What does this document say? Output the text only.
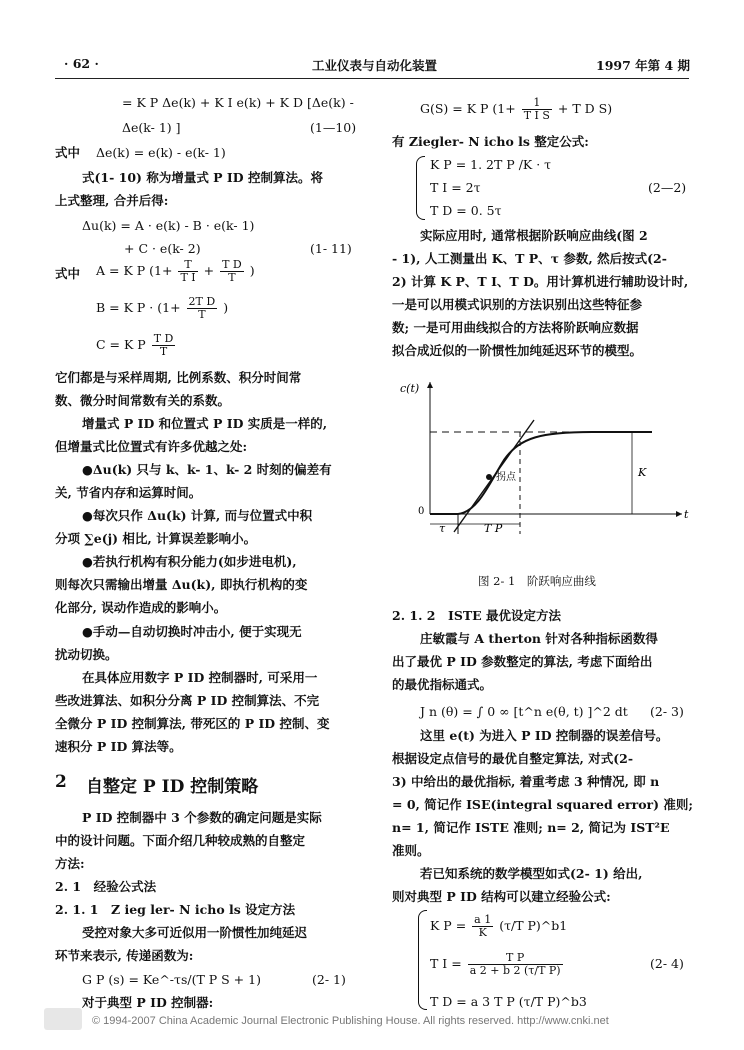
· 62 ·	工业仪表与自动化装置	1997 年第 4 期
= K P Δe(k) + K I e(k) + K D [Δe(k) -
Δe(k- 1) ]	(1—10)
式中 Δe(k) = e(k) - e(k- 1)
式(1- 10) 称为增量式 P ID 控制算法。将
上式整理, 合并后得:
Δu(k) = A · e(k) - B · e(k- 1)
+ C · e(k- 2)	(1- 11)
式中 A = K P ($1+ \frac{T}{\text{T I}} + \frac{\text{T D}}{T}$ )
B = K $P \cdot (1+ \frac{\text{2T D}}{T}$ )
C = K P $\frac{\text{T D}}{T}$
它们都是与采样周期, 比例系数、积分时间常
数、微分时间常数有关的系数。
增量式 P ID 和位置式 P ID 实质是一样的,
但增量式比位置式有许多优越之处:
●Δu(k) 只与 k、k- 1、k- 2 时刻的偏差有
关, 节省内存和运算时间。
●每次只作 Δu(k) 计算, 而与位置式中积
分项 ∑e(j) 相比, 计算误差影响小。
●若执行机构有积分能力(如步进电机),
则每次只需输出增量 Δu(k), 即执行机构的变
化部分, 误动作造成的影响小。
●手动—自动切换时冲击小, 便于实现无
扰动切换。
在具体应用数字 P ID 控制器时, 可采用一
些改进算法、如积分分离 P ID 控制算法、不完
全微分 P ID 控制算法, 带死区的 P ID 控制、变
速积分 P ID 算法等。
2 自整定 P ID 控制策略
P ID 控制器中 3 个参数的确定问题是实际
中的设计问题。下面介绍几种较成熟的自整定
方法:
2. 1　经验公式法
2. 1. 1　Z ieg ler- N icho ls 设定方法
受控对象大多可近似用一阶惯性加纯延迟
环节来表示, 传递函数为:
G P (s) = Ke^-τs/(T P S + 1)	(2- 1)
对于典型 P ID 控制器:
G(S) = K P ($1+ \frac{1}{\text{T I S}} + T$ D S)
有 Ziegler- N icho ls 整定公式:
K P = 1. 2T P ∕K · τ
T I = 2τ
T D = 0. 5τ
(2—2)
实际应用时, 通常根据阶跃响应曲线(图 2
- 1), 人工测量出 K、T P、τ 参数, 然后按式(2-
2) 计算 K P、T I、T D。用计算机进行辅助设计时,
一是可以用模式识别的方法识别出这些特征参
数; 一是可用曲线拟合的方法将阶跃响应数据
拟合成近似的一阶惯性加纯延迟环节的模型。
c(t)
t
0
τ	T P
K
拐点
图 2- 1　阶跃响应曲线
2. 1. 2　ISTE 最优设定方法
庄敏霞与 A therton 针对各种指标函数得
出了最优 P ID 参数整定的算法, 考虑下面给出
的最优指标通式。
J n (θ) = ∫ 0 ∞ [t^n e(θ, t) ]^2 dt (2- 3)
这里 e(t) 为进入 P ID 控制器的误差信号。
根据设定点信号的最优自整定算法, 对式(2-
3) 中给出的最优指标, 着重考虑 3 种情况, 即 n
= 0, 简记作 ISE(integral squared error) 准则;
n= 1, 简记作 ISTE 准则; n= 2, 简记为 IST²E
准则。
若已知系统的数学模型如式(2- 1) 给出,
则对典型 P ID 结构可以建立经验公式:
K $P = \frac{a 1}{K} (\tau/T$ P)^b1
T $I = \frac{\text{T P}}{\text{a 2 + b 2 (τ/T P)}}$
T D = a 3 T P (τ/T P)^b3
(2- 4)
© 1994-2007 China Academic Journal Electronic Publishing House. All rights reserved. http://www.cnki.net
